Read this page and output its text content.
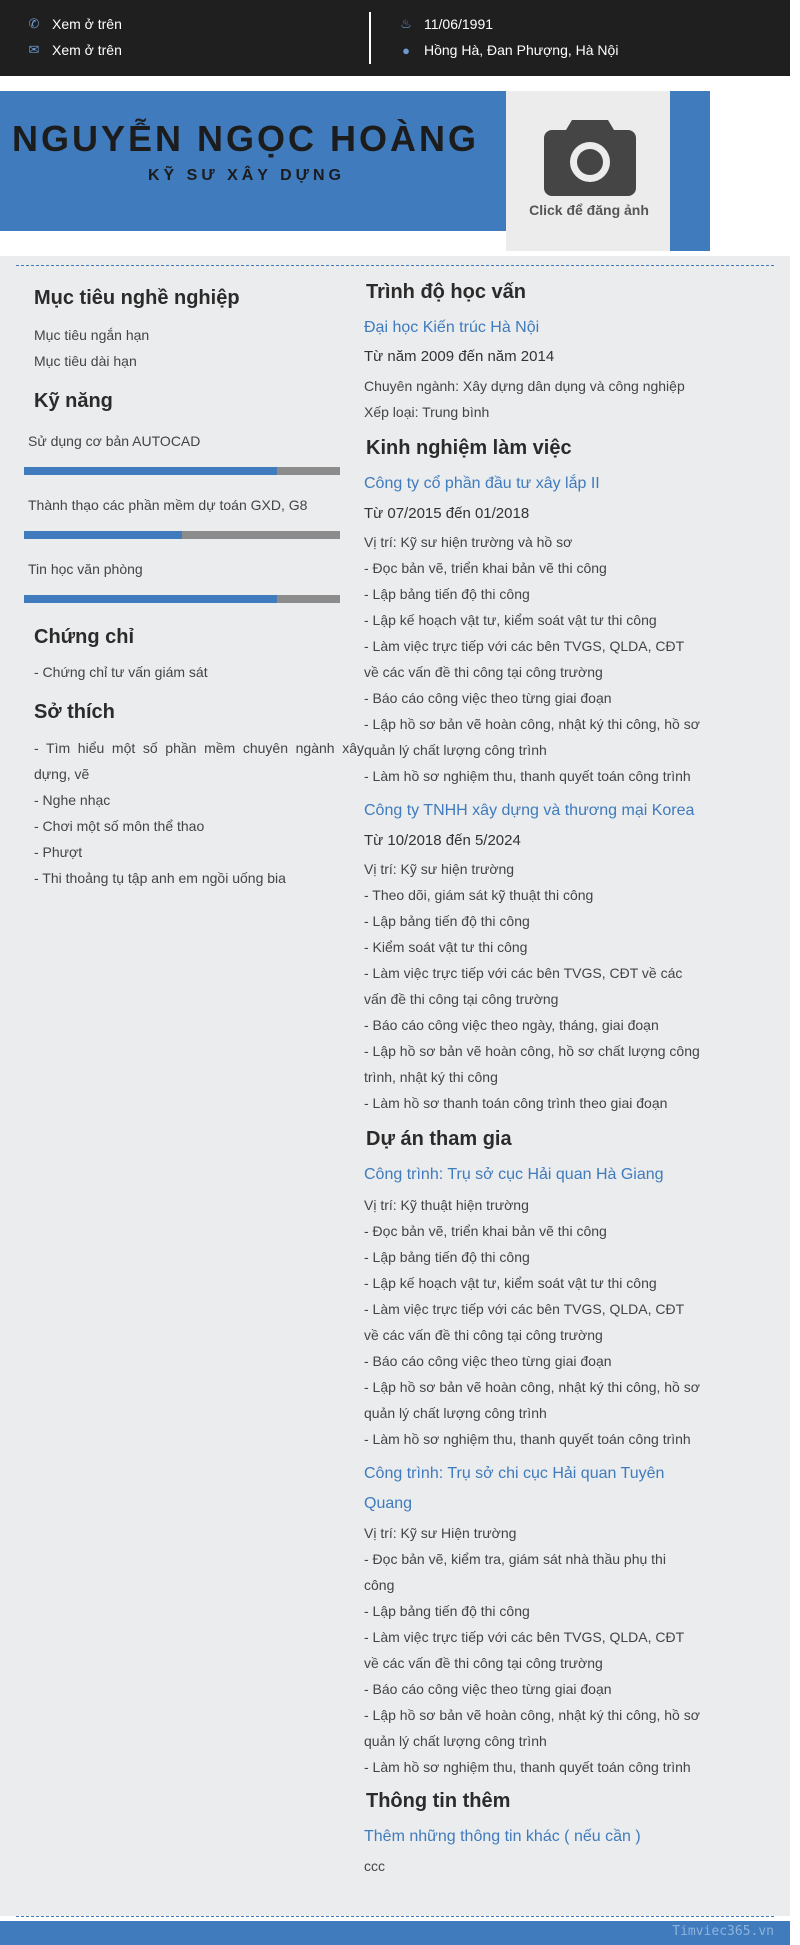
✆ Xem ở trên
✉ Xem ở trên
♨ 11/06/1991
● Hồng Hà, Đan Phượng, Hà Nội
NGUYỄN NGỌC HOÀNG
KỸ SƯ XÂY DỰNG
Click để đăng ảnh
Mục tiêu nghề nghiệp
Mục tiêu ngắn hạn
Mục tiêu dài hạn
Kỹ năng
Sử dụng cơ bản AUTOCAD
Thành thạo các phần mềm dự toán GXD, G8
Tin học văn phòng
Chứng chỉ
- Chứng chỉ tư vấn giám sát
Sở thích
- Tìm hiểu một số phần mềm chuyên ngành xây dựng, vẽ
- Nghe nhạc
- Chơi một số môn thể thao
- Phượt
- Thi thoảng tụ tập anh em ngồi uống bia
Trình độ học vấn
Đại học Kiến trúc Hà Nội
Từ năm 2009 đến năm 2014
Chuyên ngành: Xây dựng dân dụng và công nghiệp
Xếp loại: Trung bình
Kinh nghiệm làm việc
Công ty cổ phần đầu tư xây lắp II
Từ 07/2015 đến 01/2018
Vị trí: Kỹ sư hiện trường và hồ sơ
- Đọc bản vẽ, triển khai bản vẽ thi công
- Lập bảng tiến độ thi công
- Lập kế hoạch vật tư, kiểm soát vật tư thi công
- Làm việc trực tiếp với các bên TVGS, QLDA, CĐT về các vấn đề thi công tại công trường
- Báo cáo công việc theo từng giai đoạn
- Lập hồ sơ bản vẽ hoàn công, nhật ký thi công, hồ sơ quản lý chất lượng công trình
- Làm hồ sơ nghiệm thu, thanh quyết toán công trình
Công ty TNHH xây dựng và thương mại Korea
Từ 10/2018 đến 5/2024
Vị trí: Kỹ sư hiện trường
- Theo dõi, giám sát kỹ thuật thi công
- Lập bảng tiến độ thi công
- Kiểm soát vật tư thi công
- Làm việc trực tiếp với các bên TVGS, CĐT về các vấn đề thi công tại công trường
- Báo cáo công việc theo ngày, tháng, giai đoạn
- Lập hồ sơ bản vẽ hoàn công, hồ sơ chất lượng công trình, nhật ký thi công
- Làm hồ sơ thanh toán công trình theo giai đoạn
Dự án tham gia
Công trình: Trụ sở cục Hải quan Hà Giang
Vị trí: Kỹ thuật hiện trường
- Đọc bản vẽ, triển khai bản vẽ thi công
- Lập bảng tiến độ thi công
- Lập kế hoạch vật tư, kiểm soát vật tư thi công
- Làm việc trực tiếp với các bên TVGS, QLDA, CĐT về các vấn đề thi công tại công trường
- Báo cáo công việc theo từng giai đoạn
- Lập hồ sơ bản vẽ hoàn công, nhật ký thi công, hồ sơ quản lý chất lượng công trình
- Làm hồ sơ nghiệm thu, thanh quyết toán công trình
Công trình: Trụ sở chi cục Hải quan Tuyên Quang
Vị trí: Kỹ sư Hiện trường
- Đọc bản vẽ, kiểm tra, giám sát nhà thầu phụ thi công
- Lập bảng tiến độ thi công
- Làm việc trực tiếp với các bên TVGS, QLDA, CĐT về các vấn đề thi công tại công trường
- Báo cáo công việc theo từng giai đoạn
- Lập hồ sơ bản vẽ hoàn công, nhật ký thi công, hồ sơ quản lý chất lượng công trình
- Làm hồ sơ nghiệm thu, thanh quyết toán công trình
Thông tin thêm
Thêm những thông tin khác ( nếu cần )
ccc
Timviec365.vn
